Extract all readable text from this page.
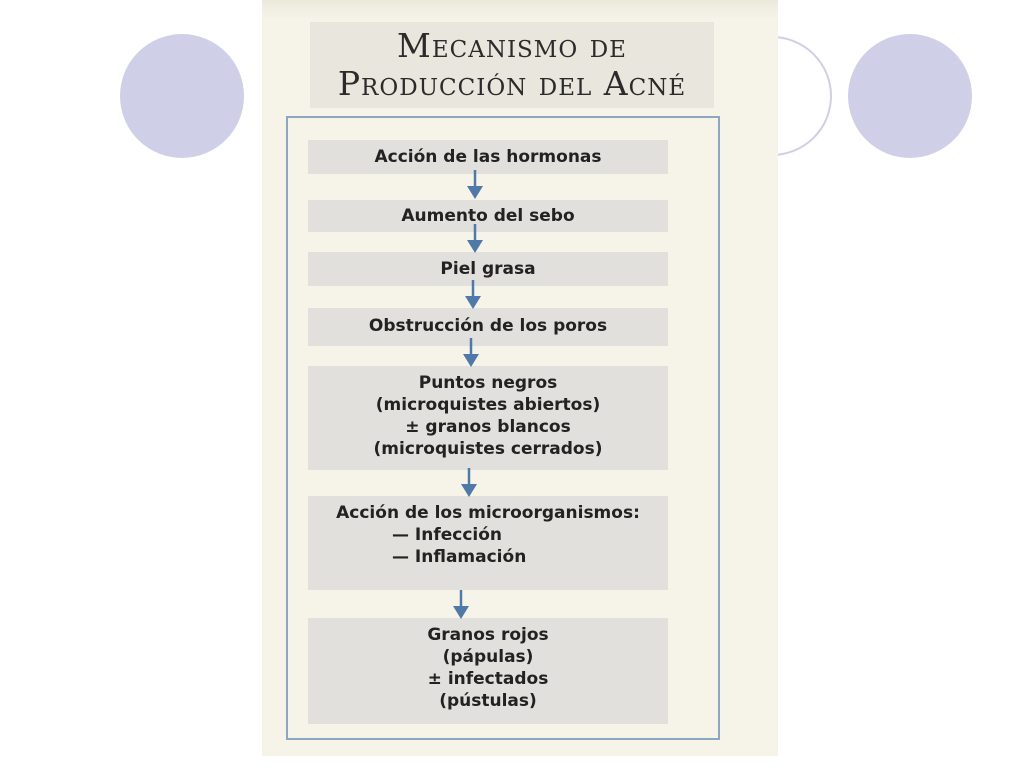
Mecanismo de
Producción del Acné
Acción de las hormonas
Aumento del sebo
Piel grasa
Obstrucción de los poros
Puntos negros
(microquistes abiertos)
± granos blancos
(microquistes cerrados)
Acción de los microorganismos:
— Infección
— Inflamación
Granos rojos
(pápulas)
± infectados
(pústulas)
